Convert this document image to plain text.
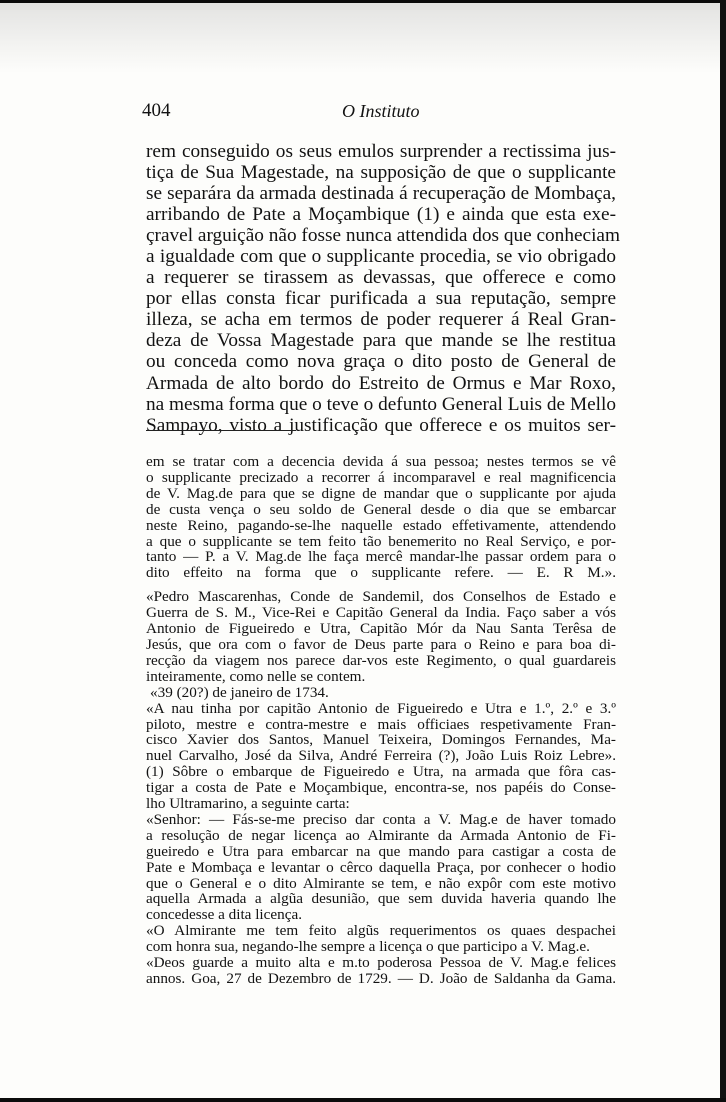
404	O Instituto
rem conseguido os seus emulos surprender a rectissima jus-
tiça de Sua Magestade, na supposição de que o supplicante
se separára da armada destinada á recuperação de Mombaça,
arribando de Pate a Moçambique (1) e ainda que esta exe-
çravel arguição não fosse nunca attendida dos que conheciam
a igualdade com que o supplicante procedia, se vio obrigado
a requerer se tirassem as devassas, que offerece e como
por ellas consta ficar purificada a sua reputação, sempre
illeza, se acha em termos de poder requerer á Real Gran-
deza de Vossa Magestade para que mande se lhe restitua
ou conceda como nova graça o dito posto de General de
Armada de alto bordo do Estreito de Ormus e Mar Roxo,
na mesma forma que o teve o defunto General Luis de Mello
Sampayo, visto a justificação que offerece e os muitos ser-
em se tratar com a decencia devida á sua pessoa; nestes termos se vê
o supplicante precizado a recorrer á incomparavel e real magnificencia
de V. Mag.de para que se digne de mandar que o supplicante por ajuda
de custa vença o seu soldo de General desde o dia que se embarcar
neste Reino, pagando-se-lhe naquelle estado effetivamente, attendendo
a que o supplicante se tem feito tão benemerito no Real Serviço, e por-
tanto — P. a V. Mag.de lhe faça mercê mandar-lhe passar ordem para o
dito effeito na forma que o supplicante refere. — E. R M.».
«Pedro Mascarenhas, Conde de Sandemil, dos Conselhos de Estado e
Guerra de S. M., Vice-Rei e Capitão General da India. Faço saber a vós
Antonio de Figueiredo e Utra, Capitão Mór da Nau Santa Terêsa de
Jesús, que ora com o favor de Deus parte para o Reino e para boa di-
recção da viagem nos parece dar-vos este Regimento, o qual guardareis
inteiramente, como nelle se contem.
«39 (20?) de janeiro de 1734.
«A nau tinha por capitão Antonio de Figueiredo e Utra e 1.º, 2.º e 3.º
piloto, mestre e contra-mestre e mais officiaes respetivamente Fran-
cisco Xavier dos Santos, Manuel Teixeira, Domingos Fernandes, Ma-
nuel Carvalho, José da Silva, André Ferreira (?), João Luis Roiz Lebre».
(1) Sôbre o embarque de Figueiredo e Utra, na armada que fôra cas-
tigar a costa de Pate e Moçambique, encontra-se, nos papéis do Conse-
lho Ultramarino, a seguinte carta:
«Senhor: — Fás-se-me preciso dar conta a V. Mag.e de haver tomado
a resolução de negar licença ao Almirante da Armada Antonio de Fi-
gueiredo e Utra para embarcar na que mando para castigar a costa de
Pate e Mombaça e levantar o cêrco daquella Praça, por conhecer o hodio
que o General e o dito Almirante se tem, e não expôr com este motivo
aquella Armada a algũa desunião, que sem duvida haveria quando lhe
concedesse a dita licença.
«O Almirante me tem feito algũs requerimentos os quaes despachei
com honra sua, negando-lhe sempre a licença o que participo a V. Mag.e.
«Deos guarde a muito alta e m.to poderosa Pessoa de V. Mag.e felices
annos. Goa, 27 de Dezembro de 1729. — D. João de Saldanha da Gama.
